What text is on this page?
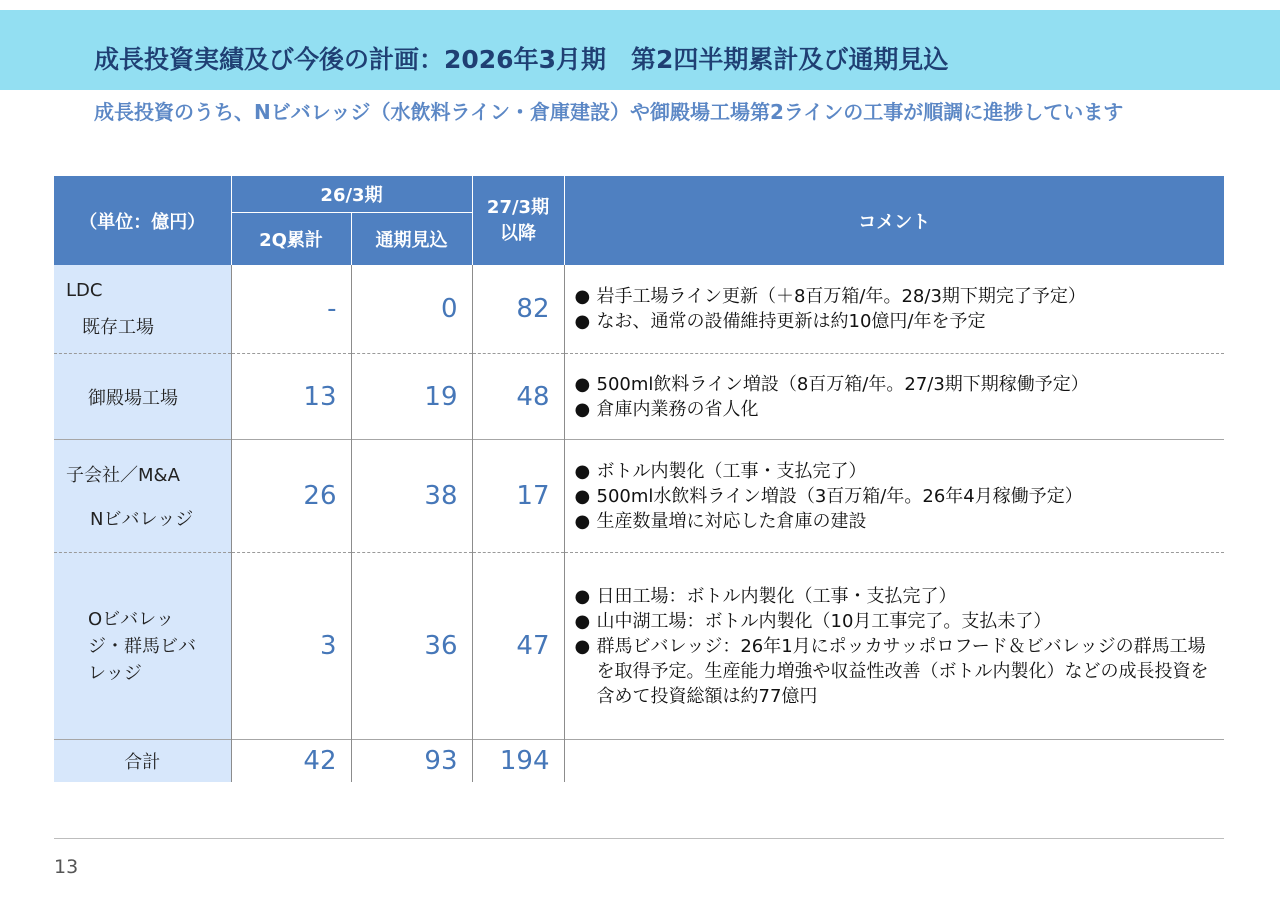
成長投資実績及び今後の計画：2026年3月期　第2四半期累計及び通期見込
成長投資のうち、Nビバレッジ（水飲料ライン・倉庫建設）や御殿場工場第2ラインの工事が順調に進捗しています
（単位：億円）	26/3期		27/3期以降	コメント
	2Q累計	通期見込		

LDC
既存工場	-	0	82	● 岩手工場ライン更新（＋8百万箱/年。28/3期下期完了予定）
● なお、通常の設備維持更新は約10億円/年を予定

御殿場工場	13	19	48	● 500ml飲料ライン増設（8百万箱/年。27/3期下期稼働予定）
● 倉庫内業務の省人化

子会社／M&A
Nビバレッジ	26	38	17	● ボトル内製化（工事・支払完了）
● 500ml水飲料ライン増設（3百万箱/年。26年4月稼働予定）
● 生産数量増に対応した倉庫の建設

Oビバレッジ・群馬ビバレッジ	3	36	47	● 日田工場：ボトル内製化（工事・支払完了）
● 山中湖工場：ボトル内製化（10月工事完了。支払未了）
● 群馬ビバレッジ：26年1月にポッカサッポロフード＆ビバレッジの群馬工場を取得予定。生産能力増強や収益性改善（ボトル内製化）などの成長投資を含めて投資総額は約77億円

合計	42	93	194	
13
